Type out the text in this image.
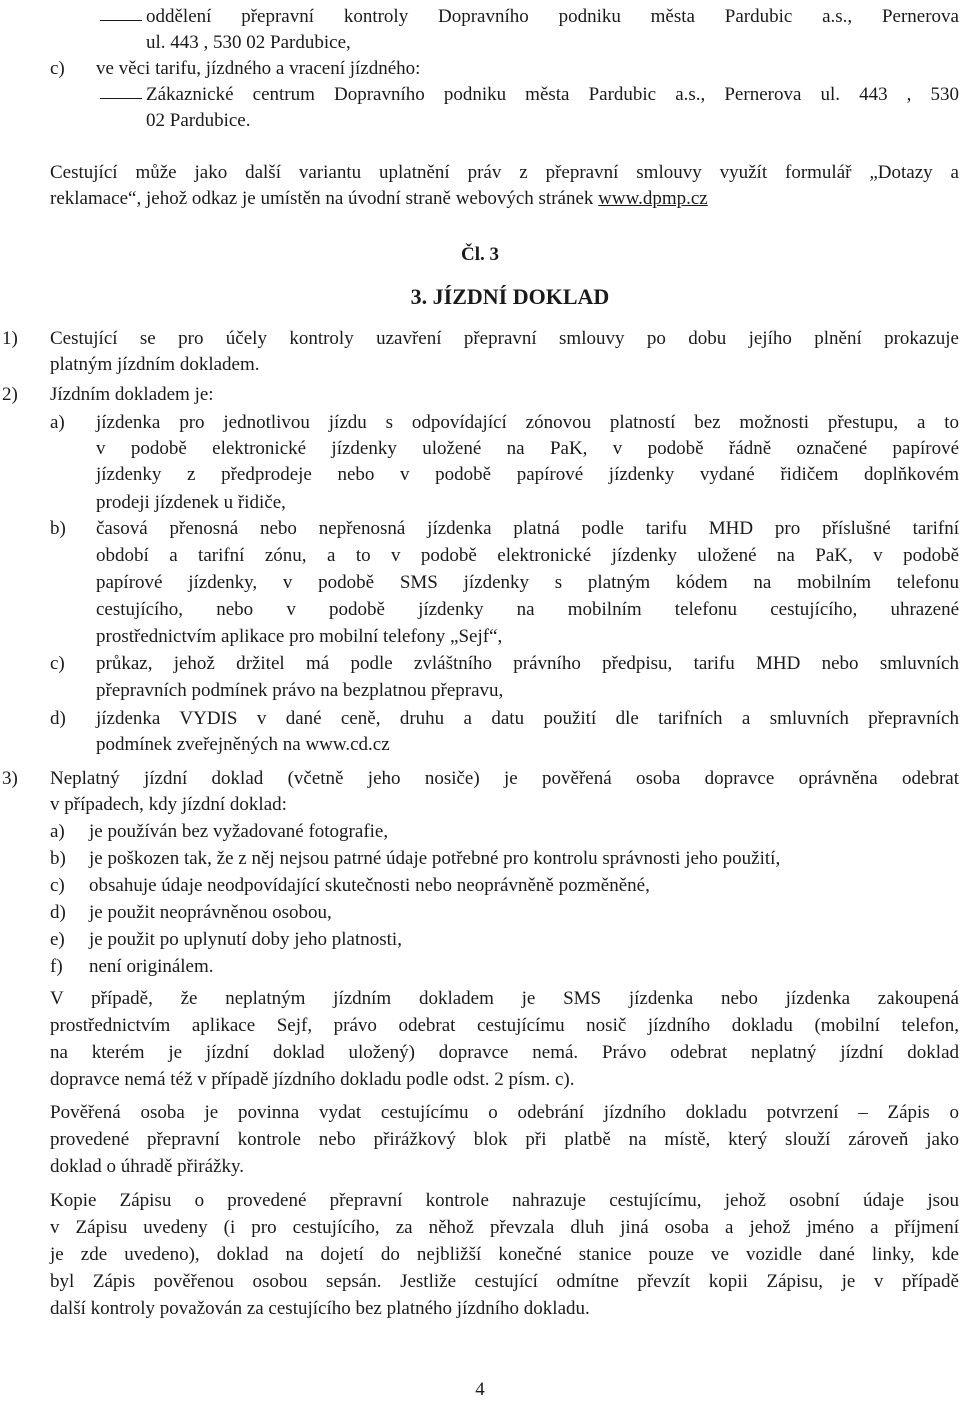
oddělení přepravní kontroly Dopravního podniku města Pardubic a.s., Pernerova
ul. 443 , 530 02 Pardubice,
c) ve věci tarifu, jízdného a vracení jízdného:
Zákaznické centrum Dopravního podniku města Pardubic a.s., Pernerova ul. 443 , 530
02 Pardubice.
Cestující může jako další variantu uplatnění práv z přepravní smlouvy využít formulář „Dotazy a
reklamace“, jehož odkaz je umístěn na úvodní straně webových stránek www.dpmp.cz
Čl. 3
3. JÍZDNÍ DOKLAD
1) Cestující se pro účely kontroly uzavření přepravní smlouvy po dobu jejího plnění prokazuje
platným jízdním dokladem.
2) Jízdním dokladem je:
a) jízdenka pro jednotlivou jízdu s odpovídající zónovou platností bez možnosti přestupu, a to
v podobě elektronické jízdenky uložené na PaK, v podobě řádně označené papírové
jízdenky z předprodeje nebo v podobě papírové jízdenky vydané řidičem doplňkovém
prodeji jízdenek u řidiče,
b) časová přenosná nebo nepřenosná jízdenka platná podle tarifu MHD pro příslušné tarifní
období a tarifní zónu, a to v podobě elektronické jízdenky uložené na PaK, v podobě
papírové jízdenky, v podobě SMS jízdenky s platným kódem na mobilním telefonu
cestujícího, nebo v podobě jízdenky na mobilním telefonu cestujícího, uhrazené
prostřednictvím aplikace pro mobilní telefony „Sejf“,
c) průkaz, jehož držitel má podle zvláštního právního předpisu, tarifu MHD nebo smluvních
přepravních podmínek právo na bezplatnou přepravu,
d) jízdenka VYDIS v dané ceně, druhu a datu použití dle tarifních a smluvních přepravních
podmínek zveřejněných na www.cd.cz
3) Neplatný jízdní doklad (včetně jeho nosiče) je pověřená osoba dopravce oprávněna odebrat
v případech, kdy jízdní doklad:
a) je používán bez vyžadované fotografie,
b) je poškozen tak, že z něj nejsou patrné údaje potřebné pro kontrolu správnosti jeho použití,
c) obsahuje údaje neodpovídající skutečnosti nebo neoprávněně pozměněné,
d) je použit neoprávněnou osobou,
e) je použit po uplynutí doby jeho platnosti,
f) není originálem.
V případě, že neplatným jízdním dokladem je SMS jízdenka nebo jízdenka zakoupená
prostřednictvím aplikace Sejf, právo odebrat cestujícímu nosič jízdního dokladu (mobilní telefon,
na kterém je jízdní doklad uložený) dopravce nemá. Právo odebrat neplatný jízdní doklad
dopravce nemá též v případě jízdního dokladu podle odst. 2 písm. c).
Pověřená osoba je povinna vydat cestujícímu o odebrání jízdního dokladu potvrzení – Zápis o
provedené přepravní kontrole nebo přirážkový blok při platbě na místě, který slouží zároveň jako
doklad o úhradě přirážky.
Kopie Zápisu o provedené přepravní kontrole nahrazuje cestujícímu, jehož osobní údaje jsou
v Zápisu uvedeny (i pro cestujícího, za něhož převzala dluh jiná osoba a jehož jméno a příjmení
je zde uvedeno), doklad na dojetí do nejbližší konečné stanice pouze ve vozidle dané linky, kde
byl Zápis pověřenou osobou sepsán. Jestliže cestující odmítne převzít kopii Zápisu, je v případě
další kontroly považován za cestujícího bez platného jízdního dokladu.
4
